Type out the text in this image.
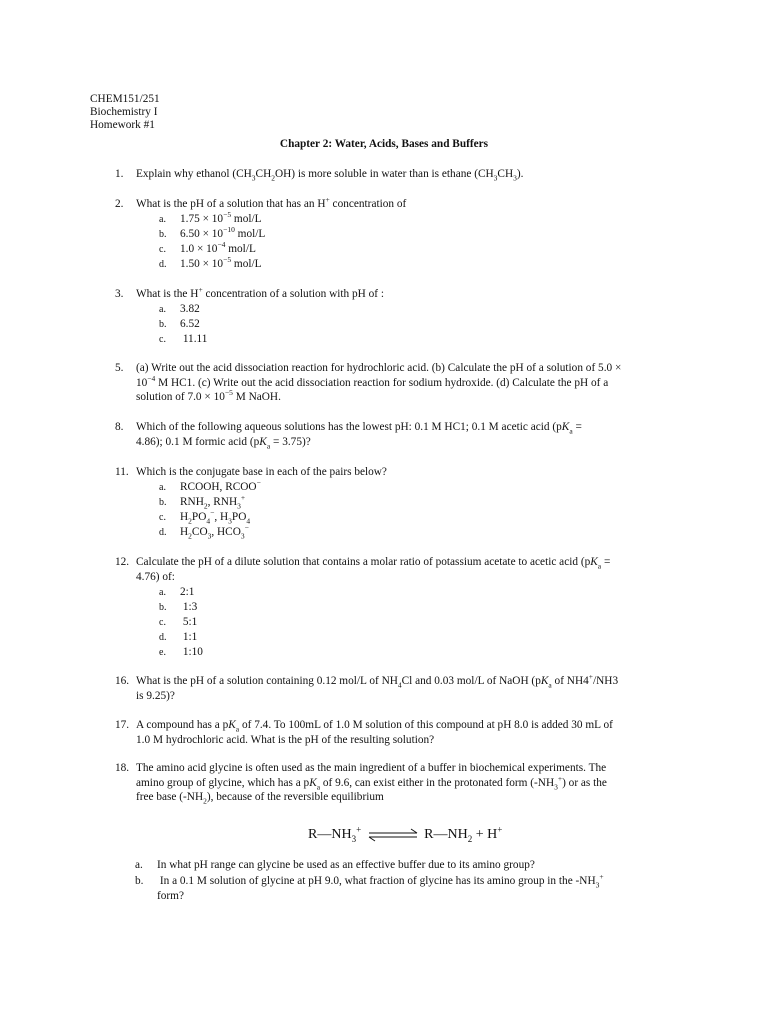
CHEM151/251
Biochemistry I
Homework #1
Chapter 2: Water, Acids, Bases and Buffers
1. Explain why ethanol $(CH_3CH_2OH)$ is more soluble in water than is ethane $(CH_3CH_3)$.
2. What is the pH of a solution that has an H+ concentration of
a. $1.75 \times 10^{-5}$ mol/L
b. $6.50 \times 10^{-10}$ mol/L
c. $1.0 \times 10^{-4}$ mol/L
d. $1.50 \times 10^{-5}$ mol/L
3. What is the H+ concentration of a solution with pH of :
a. 3.82
b. 6.52
c. 11.11
5. (a) Write out the acid dissociation reaction for hydrochloric acid. (b) Calculate the pH of a solution of 5.0 ×
$10^{-4}$ M HC1. (c) Write out the acid dissociation reaction for sodium hydroxide. (d) Calculate the pH of a
solution of $7.0 \times 10^{-5}$ M NaOH.
8. Which of the following aqueous solutions has the lowest pH: 0.1 M HC1; 0.1 M acetic acid ($pK_a$ =
4.86); 0.1 M formic acid $(pK_a = 3.75)$?
11. Which is the conjugate base in each of the pairs below?
a. RCOOH, RCOO−
b. $RNH_2$, $RNH_3^+$
c. $H_2PO_4^-$, $H_3PO_4$
d. $H_2CO_3$, $HCO_3^-$
12. Calculate the pH of a dilute solution that contains a molar ratio of potassium acetate to acetic acid ($pK_a$ =
4.76) of:
a. 2:1
b. 1:3
c. 5:1
d. 1:1
e. 1:10
16. What is the pH of a solution containing 0.12 mol/L of $NH_4Cl$ and 0.03 mol/L of NaOH ($pK_a$ of NH4+/NH3
is 9.25)?
17. A compound has a $pK_a$ of 7.4. To 100mL of 1.0 M solution of this compound at pH 8.0 is added 30 mL of
1.0 M hydrochloric acid. What is the pH of the resulting solution?
18. The amino acid glycine is often used as the main ingredient of a buffer in biochemical experiments. The
amino group of glycine, which has a $pK_a$ of 9.6, can exist either in the protonated form $(-NH_3^+)$ or as the
free base $(-NH_2)$, because of the reversible equilibrium
$R—NH_3^+$ ⇌ $R—NH_2 + H^+$
a. In what pH range can glycine be used as an effective buffer due to its amino group?
b. In a 0.1 M solution of glycine at pH 9.0, what fraction of glycine has its amino group in the $-NH_3^+$
form?
